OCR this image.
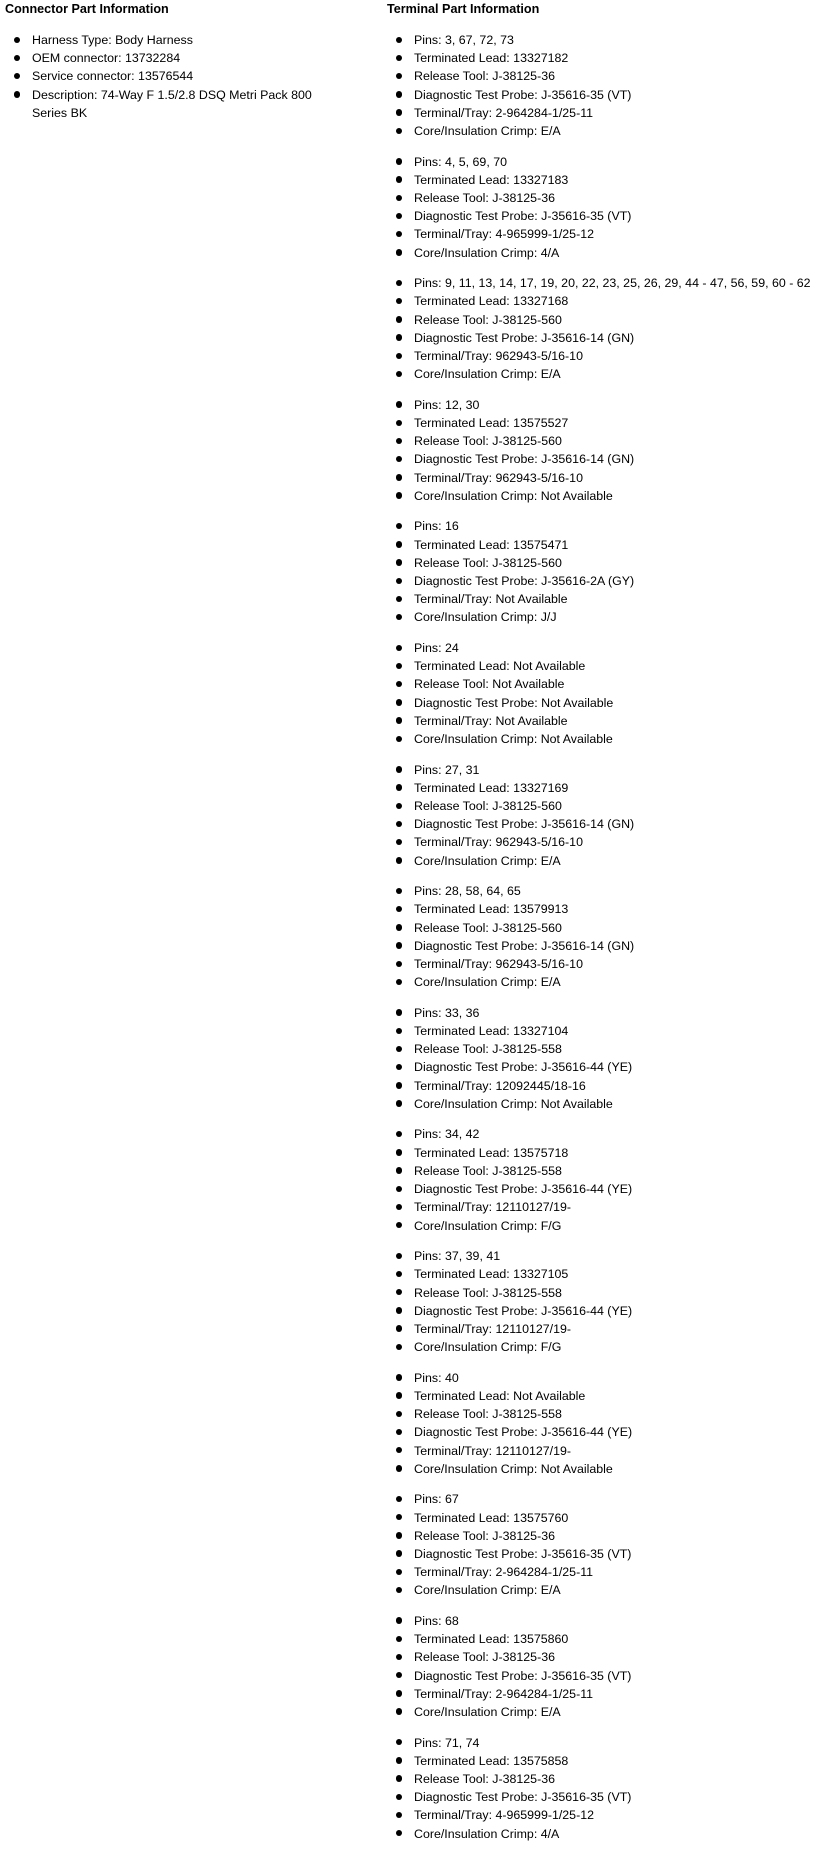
Connector Part Information
Harness Type: Body Harness
OEM connector: 13732284
Service connector: 13576544
Description: 74-Way F 1.5/2.8 DSQ Metri Pack 800 Series BK
Terminal Part Information
Pins: 3, 67, 72, 73
Terminated Lead: 13327182
Release Tool: J-38125-36
Diagnostic Test Probe: J-35616-35 (VT)
Terminal/Tray: 2-964284-1/25-11
Core/Insulation Crimp: E/A
Pins: 4, 5, 69, 70
Terminated Lead: 13327183
Release Tool: J-38125-36
Diagnostic Test Probe: J-35616-35 (VT)
Terminal/Tray: 4-965999-1/25-12
Core/Insulation Crimp: 4/A
Pins: 9, 11, 13, 14, 17, 19, 20, 22, 23, 25, 26, 29, 44 - 47, 56, 59, 60 - 62
Terminated Lead: 13327168
Release Tool: J-38125-560
Diagnostic Test Probe: J-35616-14 (GN)
Terminal/Tray: 962943-5/16-10
Core/Insulation Crimp: E/A
Pins: 12, 30
Terminated Lead: 13575527
Release Tool: J-38125-560
Diagnostic Test Probe: J-35616-14 (GN)
Terminal/Tray: 962943-5/16-10
Core/Insulation Crimp: Not Available
Pins: 16
Terminated Lead: 13575471
Release Tool: J-38125-560
Diagnostic Test Probe: J-35616-2A (GY)
Terminal/Tray: Not Available
Core/Insulation Crimp: J/J
Pins: 24
Terminated Lead: Not Available
Release Tool: Not Available
Diagnostic Test Probe: Not Available
Terminal/Tray: Not Available
Core/Insulation Crimp: Not Available
Pins: 27, 31
Terminated Lead: 13327169
Release Tool: J-38125-560
Diagnostic Test Probe: J-35616-14 (GN)
Terminal/Tray: 962943-5/16-10
Core/Insulation Crimp: E/A
Pins: 28, 58, 64, 65
Terminated Lead: 13579913
Release Tool: J-38125-560
Diagnostic Test Probe: J-35616-14 (GN)
Terminal/Tray: 962943-5/16-10
Core/Insulation Crimp: E/A
Pins: 33, 36
Terminated Lead: 13327104
Release Tool: J-38125-558
Diagnostic Test Probe: J-35616-44 (YE)
Terminal/Tray: 12092445/18-16
Core/Insulation Crimp: Not Available
Pins: 34, 42
Terminated Lead: 13575718
Release Tool: J-38125-558
Diagnostic Test Probe: J-35616-44 (YE)
Terminal/Tray: 12110127/19-
Core/Insulation Crimp: F/G
Pins: 37, 39, 41
Terminated Lead: 13327105
Release Tool: J-38125-558
Diagnostic Test Probe: J-35616-44 (YE)
Terminal/Tray: 12110127/19-
Core/Insulation Crimp: F/G
Pins: 40
Terminated Lead: Not Available
Release Tool: J-38125-558
Diagnostic Test Probe: J-35616-44 (YE)
Terminal/Tray: 12110127/19-
Core/Insulation Crimp: Not Available
Pins: 67
Terminated Lead: 13575760
Release Tool: J-38125-36
Diagnostic Test Probe: J-35616-35 (VT)
Terminal/Tray: 2-964284-1/25-11
Core/Insulation Crimp: E/A
Pins: 68
Terminated Lead: 13575860
Release Tool: J-38125-36
Diagnostic Test Probe: J-35616-35 (VT)
Terminal/Tray: 2-964284-1/25-11
Core/Insulation Crimp: E/A
Pins: 71, 74
Terminated Lead: 13575858
Release Tool: J-38125-36
Diagnostic Test Probe: J-35616-35 (VT)
Terminal/Tray: 4-965999-1/25-12
Core/Insulation Crimp: 4/A
